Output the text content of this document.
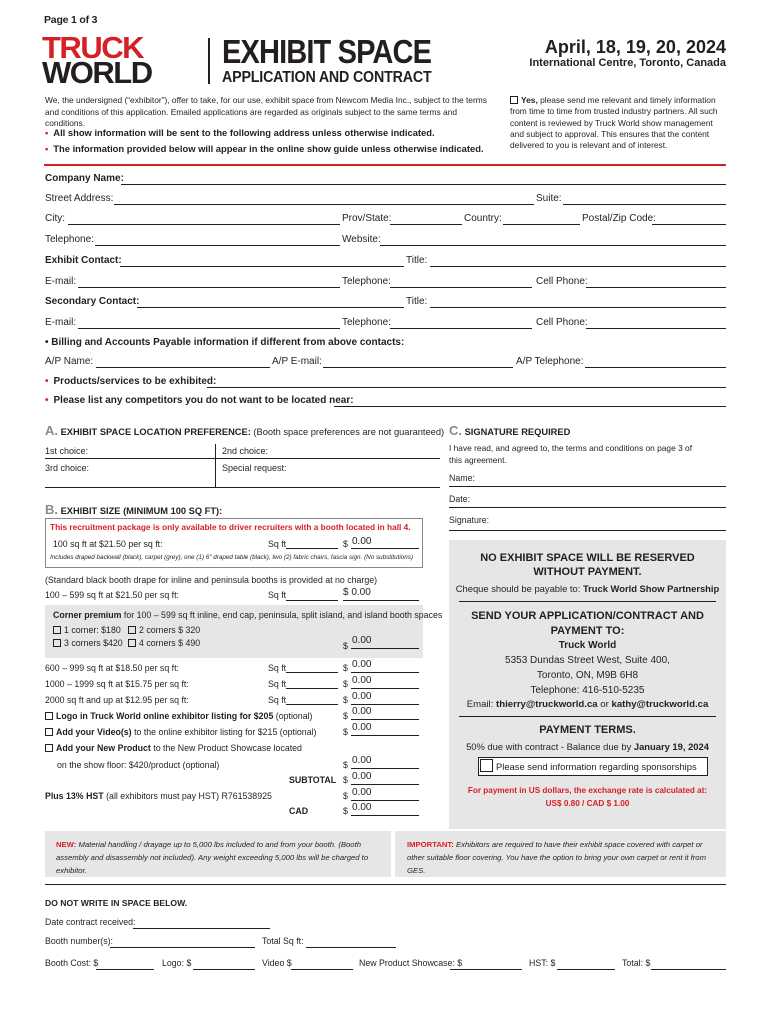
Page 1 of 3
TRUCK
WORLD
EXHIBIT SPACE
APPLICATION AND CONTRACT
April, 18, 19, 20, 2024
International Centre, Toronto, Canada
We, the undersigned (“exhibitor”), offer to take, for our use, exhibit space from Newcom Media Inc., subject to the terms and conditions of this application. Emailed applications are regarded as originals subject to the same terms and conditions.
• All show information will be sent to the following address unless otherwise indicated.
• The information provided below will appear in the online show guide unless otherwise indicated.
Yes, please send me relevant and timely information from time to time from trusted industry partners. All such content is reviewed by Truck World show management and subject to approval. This ensures that the content delivered to you is relevant and of interest.
Company Name:
Street Address:	Suite:
City:	Prov/State:	Country:	Postal/Zip Code:
Telephone:	Website:
Exhibit Contact:	Title:
E-mail:	Telephone:	Cell Phone:
Secondary Contact:	Title:
E-mail:	Telephone:	Cell Phone:
• Billing and Accounts Payable information if different from above contacts:
A/P Name:	A/P E-mail:	A/P Telephone:
• Products/services to be exhibited:
• Please list any competitors you do not want to be located near:
A. EXHIBIT SPACE LOCATION PREFERENCE: (Booth space preferences are not guaranteed)
1st choice:	2nd choice:
3rd choice:	Special request:
B. EXHIBIT SIZE (MINIMUM 100 SQ FT):
This recruitment package is only available to driver recruiters with a booth located in hall 4.
100 sq ft at $21.50 per sq ft:	Sq ft	$ 0.00
Includes draped backwall (black), carpet (grey), one (1) 6″ draped table (black), two (2) fabric chairs, fascia sign. (No substitutions)
(Standard black booth drape for inline and peninsula booths is provided at no charge)
100 – 599 sq ft at $21.50 per sq ft:	Sq ft	$ 0.00
Corner premium for 100 – 599 sq ft inline, end cap, peninsula, split island, and island booth spaces
1 corner: $180	2 corners $ 320
3 corners $420	4 corners $ 490	$ 0.00
600 – 999 sq ft at $18.50 per sq ft:	Sq ft	$ 0.00
1000 – 1999 sq ft at $15.75 per sq ft:	Sq ft	$ 0.00
2000 sq ft and up at $12.95 per sq ft:	Sq ft	$ 0.00
Logo in Truck World online exhibitor listing for $205 (optional)	$ 0.00
Add your Video(s) to the online exhibitor listing for $215 (optional)	$ 0.00
Add your New Product to the New Product Showcase located
on the show floor: $420/product (optional)	$ 0.00
SUBTOTAL $ 0.00
Plus 13% HST (all exhibitors must pay HST) R761538925	$ 0.00
CAD	$ 0.00
C. SIGNATURE REQUIRED
I have read, and agreed to, the terms and conditions on page 3 of this agreement.
Name:
Date:
Signature:
NO EXHIBIT SPACE WILL BE RESERVED WITHOUT PAYMENT.
Cheque should be payable to: Truck World Show Partnership
SEND YOUR APPLICATION/CONTRACT AND PAYMENT TO:
Truck World
5353 Dundas Street West, Suite 400,
Toronto, ON, M9B 6H8
Telephone: 416-510-5235
Email: thierry@truckworld.ca or kathy@truckworld.ca
PAYMENT TERMS.
50% due with contract - Balance due by January 19, 2024
Please send information regarding sponsorships
For payment in US dollars, the exchange rate is calculated at: US$ 0.80 / CAD $ 1.00
NEW: Material handling / drayage up to 5,000 lbs included to and from your booth. (Booth assembly and disassembly not included). Any weight exceeding 5,000 lbs will be charged to exhibitor.
IMPORTANT: Exhibitors are required to have their exhibit space covered with carpet or other suitable floor covering. You have the option to bring your own carpet or rent it from GES.
DO NOT WRITE IN SPACE BELOW.
Date contract received:
Booth number(s):	Total Sq ft:
Booth Cost: $	Logo: $	Video $	New Product Showcase: $	HST: $	Total: $
